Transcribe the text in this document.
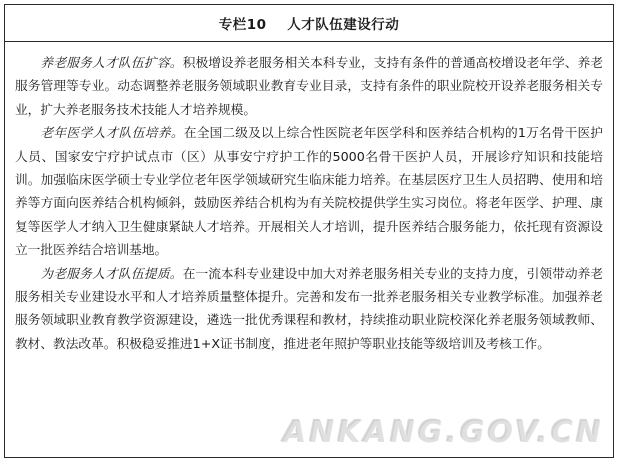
专栏10    人才队伍建设行动

养老服务人才队伍扩容。积极增设养老服务相关本科专业，支持有条件的普通高校增设老年学、养老服务管理等专业。动态调整养老服务领域职业教育专业目录，支持有条件的职业院校开设养老服务相关专业，扩大养老服务技术技能人才培养规模。

老年医学人才队伍培养。在全国二级及以上综合性医院老年医学科和医养结合机构的1万名骨干医护人员、国家安宁疗护试点市（区）从事安宁疗护工作的5000名骨干医护人员，开展诊疗知识和技能培训。加强临床医学硕士专业学位老年医学领域研究生临床能力培养。在基层医疗卫生人员招聘、使用和培养等方面向医养结合机构倾斜，鼓励医养结合机构为有关院校提供学生实习岗位。将老年医学、护理、康复等医学人才纳入卫生健康紧缺人才培养。开展相关人才培训，提升医养结合服务能力，依托现有资源设立一批医养结合培训基地。

为老服务人才队伍提质。在一流本科专业建设中加大对养老服务相关专业的支持力度，引领带动养老服务相关专业建设水平和人才培养质量整体提升。完善和发布一批养老服务相关专业教学标准。加强养老服务领域职业教育教学资源建设，遴选一批优秀课程和教材，持续推动职业院校深化养老服务领域教师、教材、教法改革。积极稳妥推进1+X证书制度，推进老年照护等职业技能等级培训及考核工作。

ANKANG.GOV.CN
